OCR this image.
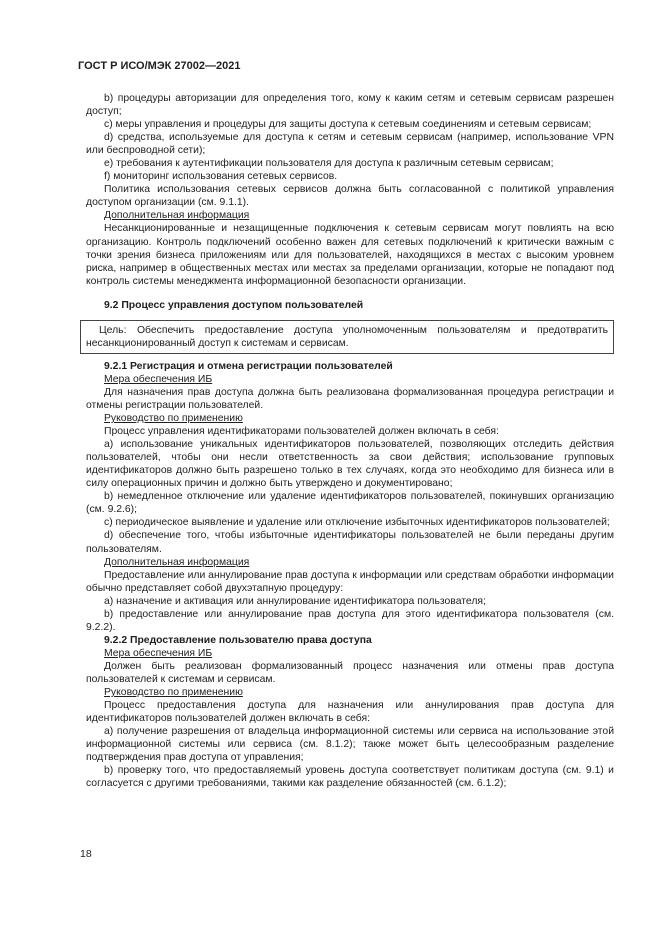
ГОСТ Р ИСО/МЭК 27002—2021

b) процедуры авторизации для определения того, кому к каким сетям и сетевым сервисам разрешен доступ;

c) меры управления и процедуры для защиты доступа к сетевым соединениям и сетевым сервисам;

d) средства, используемые для доступа к сетям и сетевым сервисам (например, использование VPN или беспроводной сети);

e) требования к аутентификации пользователя для доступа к различным сетевым сервисам;

f) мониторинг использования сетевых сервисов.

Политика использования сетевых сервисов должна быть согласованной с политикой управления доступом организации (см. 9.1.1).

Дополнительная информация

Несанкционированные и незащищенные подключения к сетевым сервисам могут повлиять на всю организацию. Контроль подключений особенно важен для сетевых подключений к критически важным с точки зрения бизнеса приложениям или для пользователей, находящихся в местах с высоким уровнем риска, например в общественных местах или местах за пределами организации, которые не попадают под контроль системы менеджмента информационной безопасности организации.

9.2 Процесс управления доступом пользователей

Цель: Обеспечить предоставление доступа уполномоченным пользователям и предотвратить несанкционированный доступ к системам и сервисам.

9.2.1 Регистрация и отмена регистрации пользователей

Мера обеспечения ИБ

Для назначения прав доступа должна быть реализована формализованная процедура регистрации и отмены регистрации пользователей.

Руководство по применению

Процесс управления идентификаторами пользователей должен включать в себя:

a) использование уникальных идентификаторов пользователей, позволяющих отследить действия пользователей, чтобы они несли ответственность за свои действия; использование групповых идентификаторов должно быть разрешено только в тех случаях, когда это необходимо для бизнеса или в силу операционных причин и должно быть утверждено и документировано;

b) немедленное отключение или удаление идентификаторов пользователей, покинувших организацию (см. 9.2.6);

c) периодическое выявление и удаление или отключение избыточных идентификаторов пользователей;

d) обеспечение того, чтобы избыточные идентификаторы пользователей не были переданы другим пользователям.

Дополнительная информация

Предоставление или аннулирование прав доступа к информации или средствам обработки информации обычно представляет собой двухэтапную процедуру:

a) назначение и активация или аннулирование идентификатора пользователя;

b) предоставление или аннулирование прав доступа для этого идентификатора пользователя (см. 9.2.2).

9.2.2 Предоставление пользователю права доступа

Мера обеспечения ИБ

Должен быть реализован формализованный процесс назначения или отмены прав доступа пользователей к системам и сервисам.

Руководство по применению

Процесс предоставления доступа для назначения или аннулирования прав доступа для идентификаторов пользователей должен включать в себя:

a) получение разрешения от владельца информационной системы или сервиса на использование этой информационной системы или сервиса (см. 8.1.2); также может быть целесообразным разделение подтверждения прав доступа от управления;

b) проверку того, что предоставляемый уровень доступа соответствует политикам доступа (см. 9.1) и согласуется с другими требованиями, такими как разделение обязанностей (см. 6.1.2);

18
